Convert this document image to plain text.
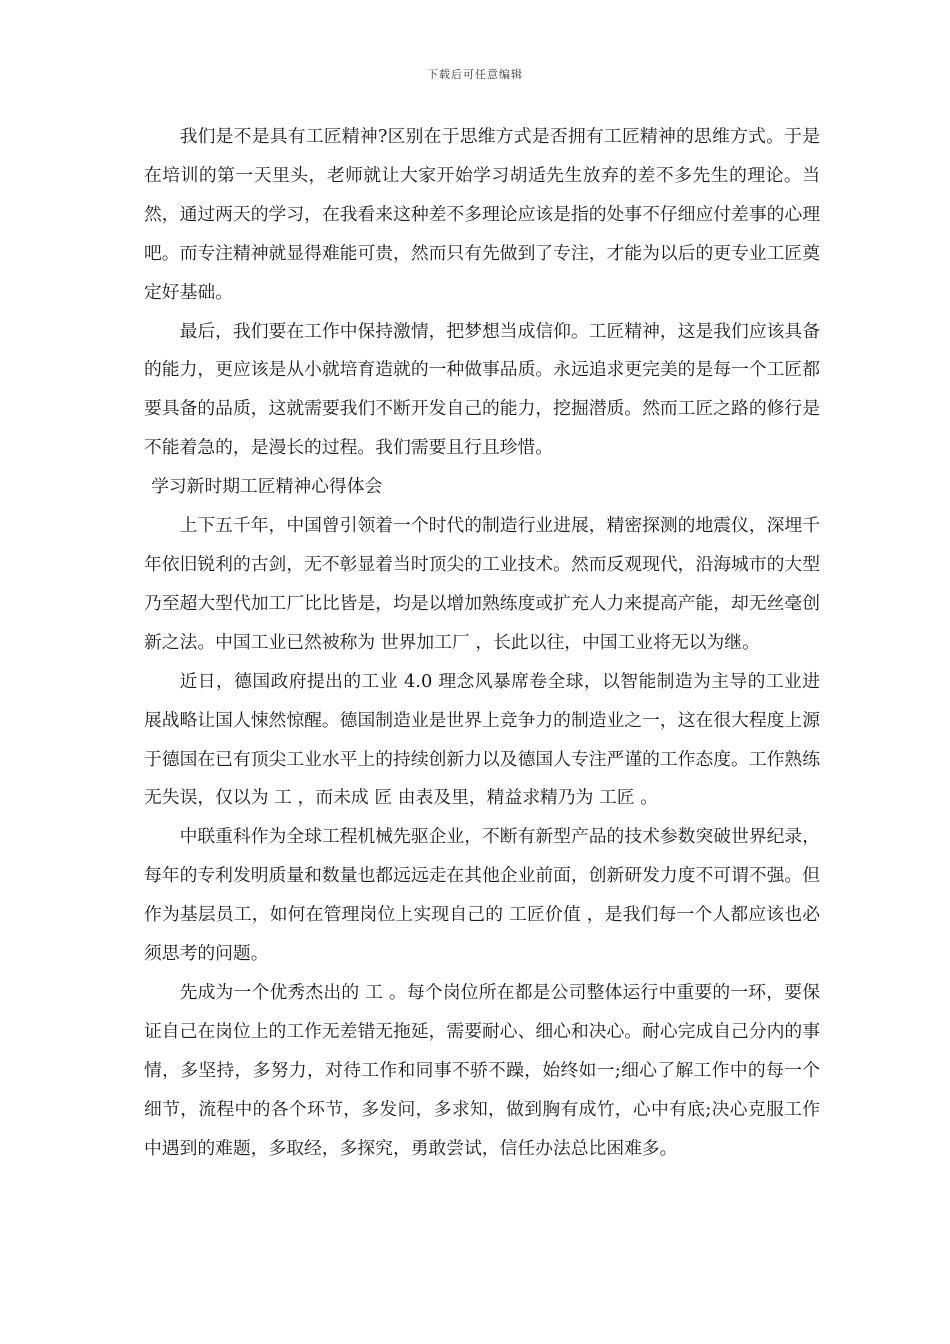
下载后可任意编辑

我们是不是具有工匠精神?区别在于思维方式是否拥有工匠精神的思维方式。于是在培训的第一天里头，老师就让大家开始学习胡适先生放弃的差不多先生的理论。当然，通过两天的学习，在我看来这种差不多理论应该是指的处事不仔细应付差事的心理吧。而专注精神就显得难能可贵，然而只有先做到了专注，才能为以后的更专业工匠奠定好基础。

最后，我们要在工作中保持激情，把梦想当成信仰。工匠精神，这是我们应该具备的能力，更应该是从小就培育造就的一种做事品质。永远追求更完美的是每一个工匠都要具备的品质，这就需要我们不断开发自己的能力，挖掘潜质。然而工匠之路的修行是不能着急的，是漫长的过程。我们需要且行且珍惜。

学习新时期工匠精神心得体会

上下五千年，中国曾引领着一个时代的制造行业进展，精密探测的地震仪，深埋千年依旧锐利的古剑，无不彰显着当时顶尖的工业技术。然而反观现代，沿海城市的大型乃至超大型代加工厂比比皆是，均是以增加熟练度或扩充人力来提高产能，却无丝毫创新之法。中国工业已然被称为 世界加工厂 ，长此以往，中国工业将无以为继。

近日，德国政府提出的工业 4.0 理念风暴席卷全球，以智能制造为主导的工业进展战略让国人悚然惊醒。德国制造业是世界上竞争力的制造业之一，这在很大程度上源于德国在已有顶尖工业水平上的持续创新力以及德国人专注严谨的工作态度。工作熟练无失误，仅以为 工 ，而未成 匠 由表及里，精益求精乃为 工匠 。

中联重科作为全球工程机械先驱企业，不断有新型产品的技术参数突破世界纪录，每年的专利发明质量和数量也都远远走在其他企业前面，创新研发力度不可谓不强。但作为基层员工，如何在管理岗位上实现自己的 工匠价值 ，是我们每一个人都应该也必须思考的问题。

先成为一个优秀杰出的 工 。每个岗位所在都是公司整体运行中重要的一环，要保证自己在岗位上的工作无差错无拖延，需要耐心、细心和决心。耐心完成自己分内的事情，多坚持，多努力，对待工作和同事不骄不躁，始终如一;细心了解工作中的每一个细节，流程中的各个环节，多发问，多求知，做到胸有成竹，心中有底;决心克服工作中遇到的难题，多取经，多探究，勇敢尝试，信任办法总比困难多。
